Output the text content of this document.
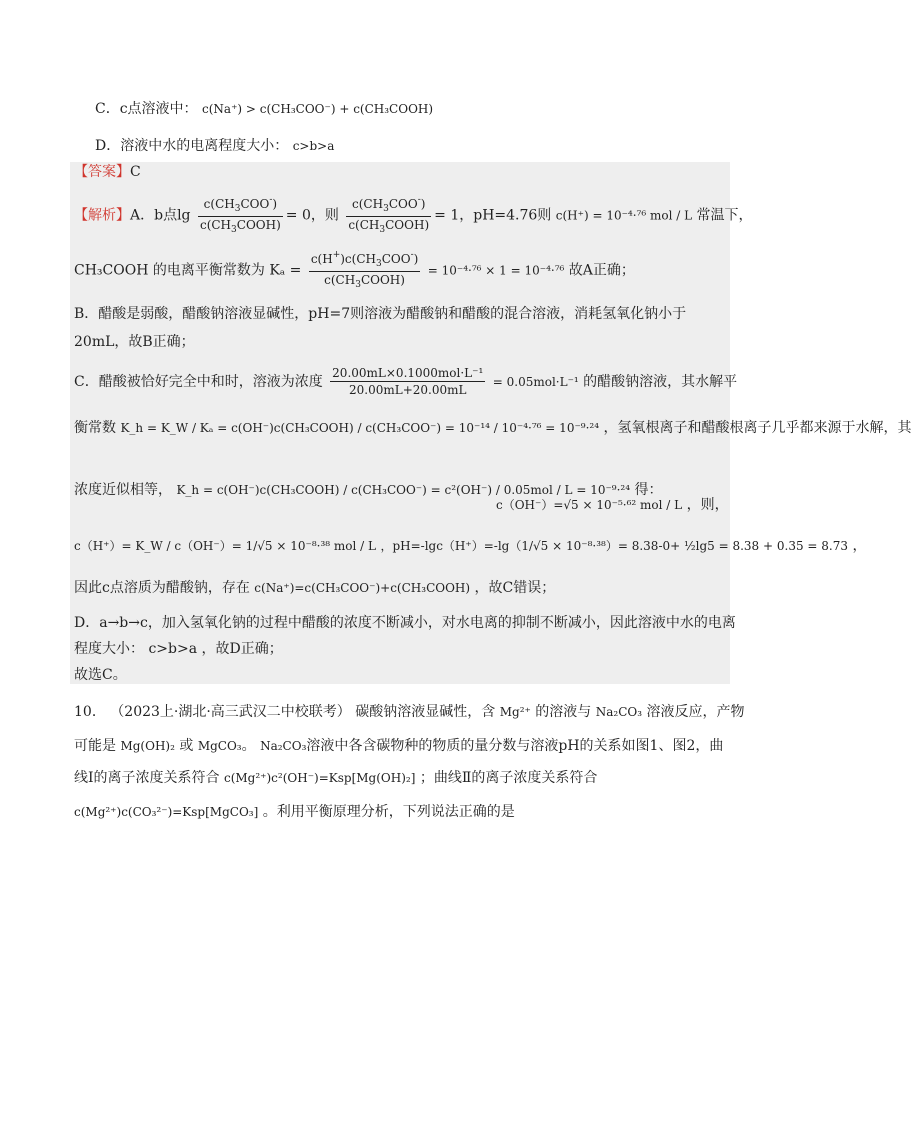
C．c点溶液中： c(Na⁺) > c(CH₃COO⁻) + c(CH₃COOH)
D．溶液中水的电离程度大小： c>b>a
【答案】C
【解析】A．b点$\lg \frac{c(CH_3COO^-)}{c(CH_3COOH)} = 0$，则 $\frac{c(CH_3COO^-)}{c(CH_3COOH)} = 1$，pH=4.76则 c(H⁺) = 10⁻⁴·⁷⁶ mol / L 常温下，
CH₃COOH 的电离平衡常数为 $K_a = \frac{c(H^+)c(CH_3COO^-)}{c(CH_3COOH)} = 10^{-4}\cdot^{76} \times 1 = 10^{-4}\cdot^{76}$ 故A正确；
B．醋酸是弱酸，醋酸钠溶液显碱性，pH=7则溶液为醋酸钠和醋酸的混合溶液，消耗氢氧化钠小于
20mL，故B正确；
C．醋酸被恰好完全中和时，溶液为浓度 $\frac{\text{20.00mL×0.1000mol·L⁻¹}}{20.00mL+20.00mL} = 0.05mol\cdot L^{-1}$ 的醋酸钠溶液，其水解平
衡常数 K_h = K_W / Kₐ = c(OH⁻)c(CH₃COOH) / c(CH₃COO⁻) = 10⁻¹⁴ / 10⁻⁴·⁷⁶ = 10⁻⁹·²⁴ ，氢氧根离子和醋酸根离子几乎都来源于水解，其
浓度近似相等， K_h = c(OH⁻)c(CH₃COOH) / c(CH₃COO⁻) = c²(OH⁻) / 0.05mol / L = 10⁻⁹·²⁴ 得：
c（OH⁻）=√5 × 10⁻⁵·⁶² mol / L ，则，
c（H⁺）= K_W / c（OH⁻）= 1/√5 × 10⁻⁸·³⁸ mol / L ，pH=-lgc（H⁺）=-lg（1/√5 × 10⁻⁸·³⁸）= 8.38-0+ ½lg5 = 8.38 + 0.35 = 8.73 ，
因此c点溶质为醋酸钠，存在 c(Na⁺)=c(CH₃COO⁻)+c(CH₃COOH) ，故C错误；
D．a→b→c，加入氢氧化钠的过程中醋酸的浓度不断减小，对水电离的抑制不断减小，因此溶液中水的电离
程度大小： c>b>a ，故D正确；
故选C。
10． （2023上·湖北·高三武汉二中校联考） 碳酸钠溶液显碱性，含 Mg²⁺ 的溶液与 Na₂CO₃ 溶液反应，产物
可能是 Mg(OH)₂ 或 MgCO₃。 Na₂CO₃溶液中各含碳物种的物质的量分数与溶液pH的关系如图1、图2，曲
线Ⅰ的离子浓度关系符合 c(Mg²⁺)c²(OH⁻)=Ksp[Mg(OH)₂] ；曲线Ⅱ的离子浓度关系符合
c(Mg²⁺)c(CO₃²⁻)=Ksp[MgCO₃] 。利用平衡原理分析，下列说法正确的是
